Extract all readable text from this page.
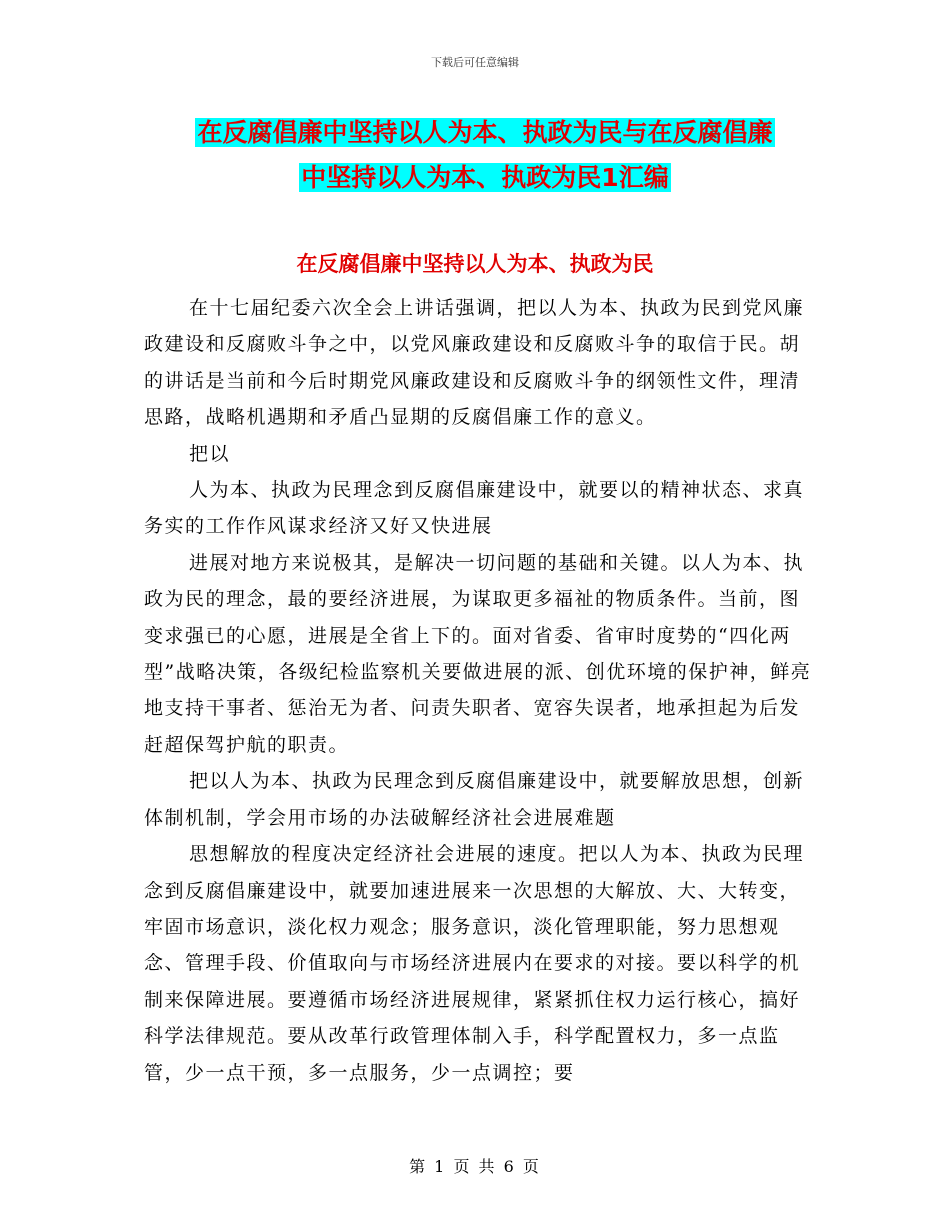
下载后可任意编辑
在反腐倡廉中坚持以人为本、执政为民与在反腐倡廉
中坚持以人为本、执政为民1汇编
在反腐倡廉中坚持以人为本、执政为民

在十七届纪委六次全会上讲话强调，把以人为本、执政为民到党风廉政建设和反腐败斗争之中，以党风廉政建设和反腐败斗争的取信于民。胡的讲话是当前和今后时期党风廉政建设和反腐败斗争的纲领性文件，理清思路，战略机遇期和矛盾凸显期的反腐倡廉工作的意义。

把以

人为本、执政为民理念到反腐倡廉建设中，就要以的精神状态、求真务实的工作作风谋求经济又好又快进展

进展对地方来说极其，是解决一切问题的基础和关键。以人为本、执政为民的理念，最的要经济进展，为谋取更多福祉的物质条件。当前，图变求强已的心愿，进展是全省上下的。面对省委、省审时度势的“四化两型”战略决策，各级纪检监察机关要做进展的派、创优环境的保护神，鲜亮地支持干事者、惩治无为者、问责失职者、宽容失误者，地承担起为后发赶超保驾护航的职责。

把以人为本、执政为民理念到反腐倡廉建设中，就要解放思想，创新体制机制，学会用市场的办法破解经济社会进展难题

思想解放的程度决定经济社会进展的速度。把以人为本、执政为民理念到反腐倡廉建设中，就要加速进展来一次思想的大解放、大、大转变，牢固市场意识，淡化权力观念；服务意识，淡化管理职能，努力思想观念、管理手段、价值取向与市场经济进展内在要求的对接。要以科学的机制来保障进展。要遵循市场经济进展规律，紧紧抓住权力运行核心，搞好科学法律规范。要从改革行政管理体制入手，科学配置权力，多一点监管，少一点干预，多一点服务，少一点调控；要

第 1 页 共 6 页
